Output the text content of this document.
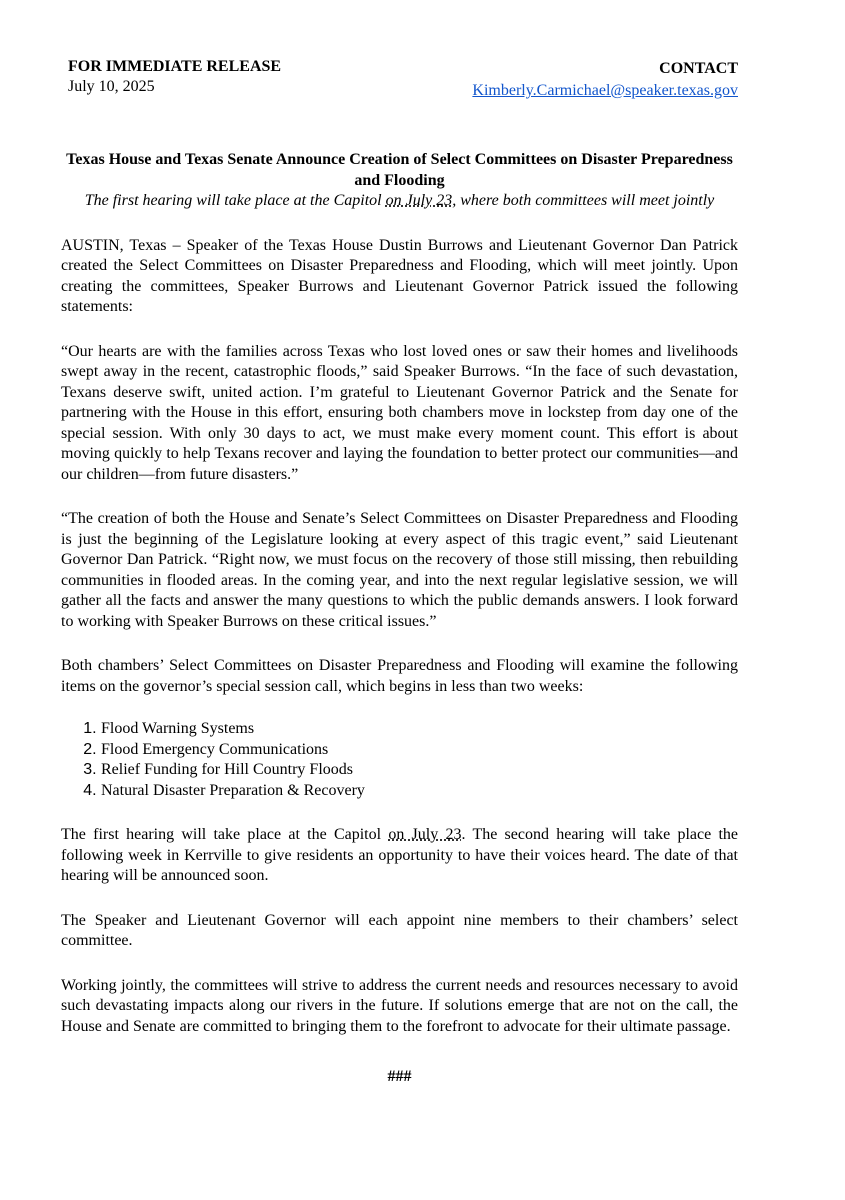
FOR IMMEDIATE RELEASE
July 10, 2025
CONTACT
Kimberly.Carmichael@speaker.texas.gov
Texas House and Texas Senate Announce Creation of Select Committees on Disaster Preparedness and Flooding
The first hearing will take place at the Capitol on July 23, where both committees will meet jointly

AUSTIN, Texas – Speaker of the Texas House Dustin Burrows and Lieutenant Governor Dan Patrick created the Select Committees on Disaster Preparedness and Flooding, which will meet jointly. Upon creating the committees, Speaker Burrows and Lieutenant Governor Patrick issued the following statements:

“Our hearts are with the families across Texas who lost loved ones or saw their homes and livelihoods swept away in the recent, catastrophic floods,” said Speaker Burrows. “In the face of such devastation, Texans deserve swift, united action. I’m grateful to Lieutenant Governor Patrick and the Senate for partnering with the House in this effort, ensuring both chambers move in lockstep from day one of the special session. With only 30 days to act, we must make every moment count. This effort is about moving quickly to help Texans recover and laying the foundation to better protect our communities—and our children—from future disasters.”

“The creation of both the House and Senate’s Select Committees on Disaster Preparedness and Flooding is just the beginning of the Legislature looking at every aspect of this tragic event,” said Lieutenant Governor Dan Patrick. “Right now, we must focus on the recovery of those still missing, then rebuilding communities in flooded areas. In the coming year, and into the next regular legislative session, we will gather all the facts and answer the many questions to which the public demands answers. I look forward to working with Speaker Burrows on these critical issues.”

Both chambers’ Select Committees on Disaster Preparedness and Flooding will examine the following items on the governor’s special session call, which begins in less than two weeks:

1. Flood Warning Systems
2. Flood Emergency Communications
3. Relief Funding for Hill Country Floods
4. Natural Disaster Preparation & Recovery

The first hearing will take place at the Capitol on July 23. The second hearing will take place the following week in Kerrville to give residents an opportunity to have their voices heard. The date of that hearing will be announced soon.

The Speaker and Lieutenant Governor will each appoint nine members to their chambers’ select committee.

Working jointly, the committees will strive to address the current needs and resources necessary to avoid such devastating impacts along our rivers in the future. If solutions emerge that are not on the call, the House and Senate are committed to bringing them to the forefront to advocate for their ultimate passage.

###
